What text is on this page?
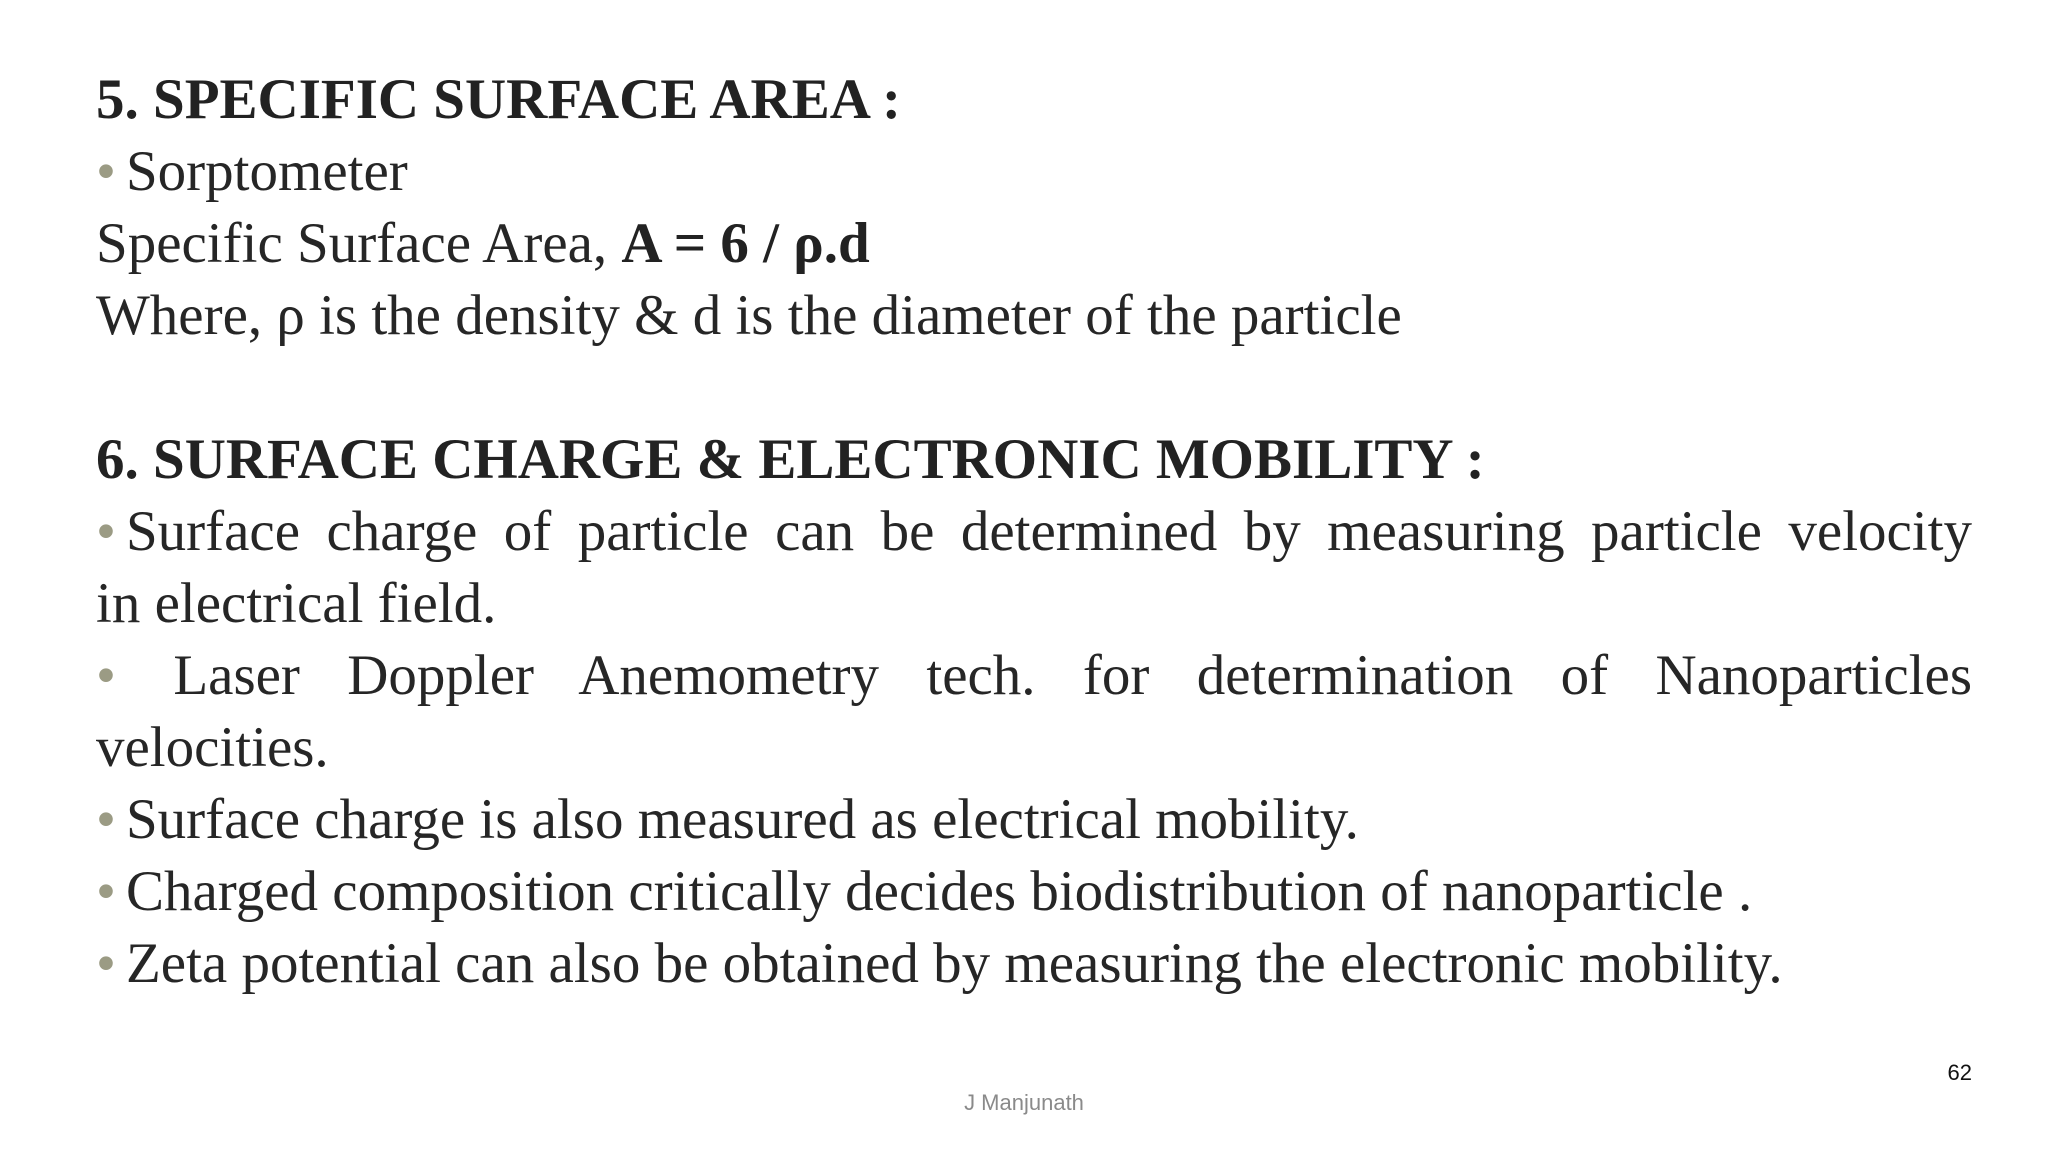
5. SPECIFIC SURFACE AREA :
• Sorptometer
Specific Surface Area, A = 6 / ρ.d
Where, ρ is the density & d is the diameter of the particle
6. SURFACE CHARGE & ELECTRONIC MOBILITY :
• Surface charge of particle can be determined by measuring particle velocity
in electrical field.
• Laser Doppler Anemometry tech. for determination of Nanoparticles
velocities.
• Surface charge is also measured as electrical mobility.
• Charged composition critically decides biodistribution of nanoparticle .
• Zeta potential can also be obtained by measuring the electronic mobility.
62
J Manjunath
